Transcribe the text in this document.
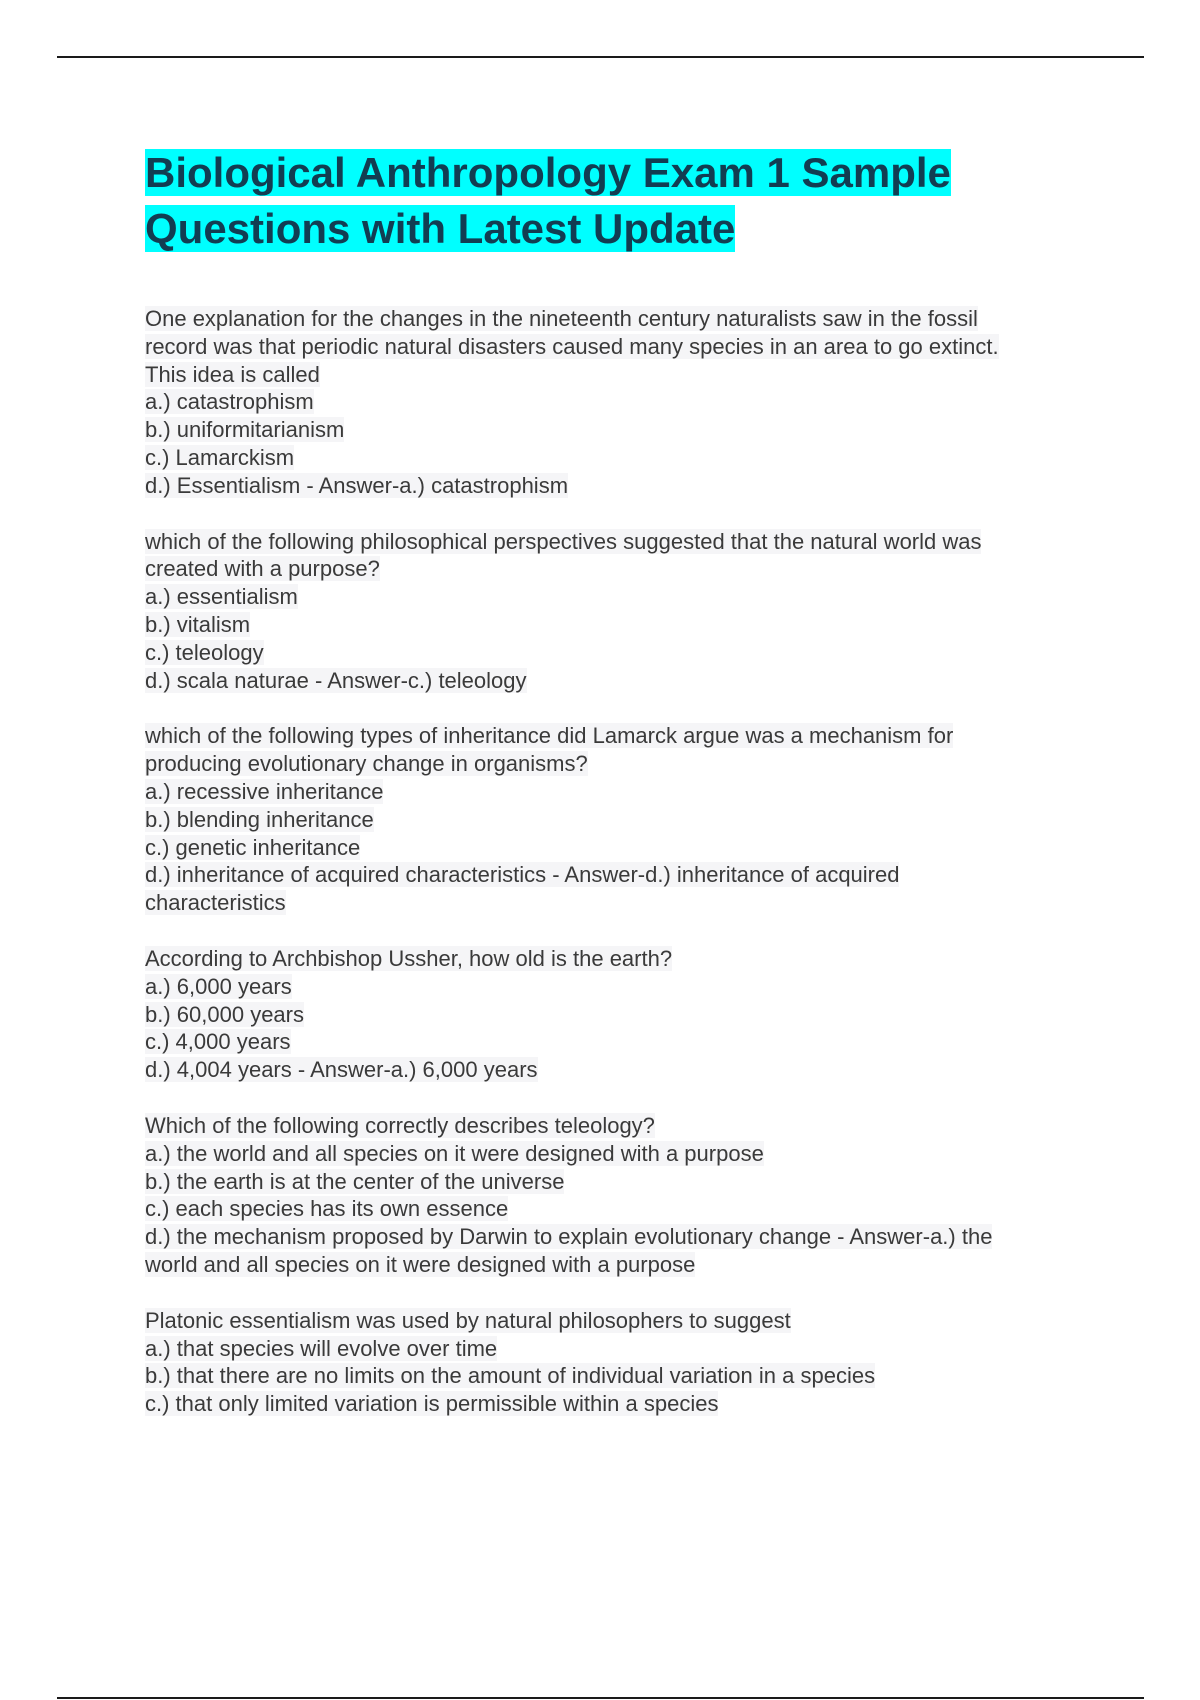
Biological Anthropology Exam 1 Sample
Questions with Latest Update
One explanation for the changes in the nineteenth century naturalists saw in the fossil
record was that periodic natural disasters caused many species in an area to go extinct.
This idea is called
a.) catastrophism
b.) uniformitarianism
c.) Lamarckism
d.) Essentialism - Answer-a.) catastrophism
which of the following philosophical perspectives suggested that the natural world was
created with a purpose?
a.) essentialism
b.) vitalism
c.) teleology
d.) scala naturae - Answer-c.) teleology
which of the following types of inheritance did Lamarck argue was a mechanism for
producing evolutionary change in organisms?
a.) recessive inheritance
b.) blending inheritance
c.) genetic inheritance
d.) inheritance of acquired characteristics - Answer-d.) inheritance of acquired
characteristics
According to Archbishop Ussher, how old is the earth?
a.) 6,000 years
b.) 60,000 years
c.) 4,000 years
d.) 4,004 years - Answer-a.) 6,000 years
Which of the following correctly describes teleology?
a.) the world and all species on it were designed with a purpose
b.) the earth is at the center of the universe
c.) each species has its own essence
d.) the mechanism proposed by Darwin to explain evolutionary change - Answer-a.) the
world and all species on it were designed with a purpose
Platonic essentialism was used by natural philosophers to suggest
a.) that species will evolve over time
b.) that there are no limits on the amount of individual variation in a species
c.) that only limited variation is permissible within a species
